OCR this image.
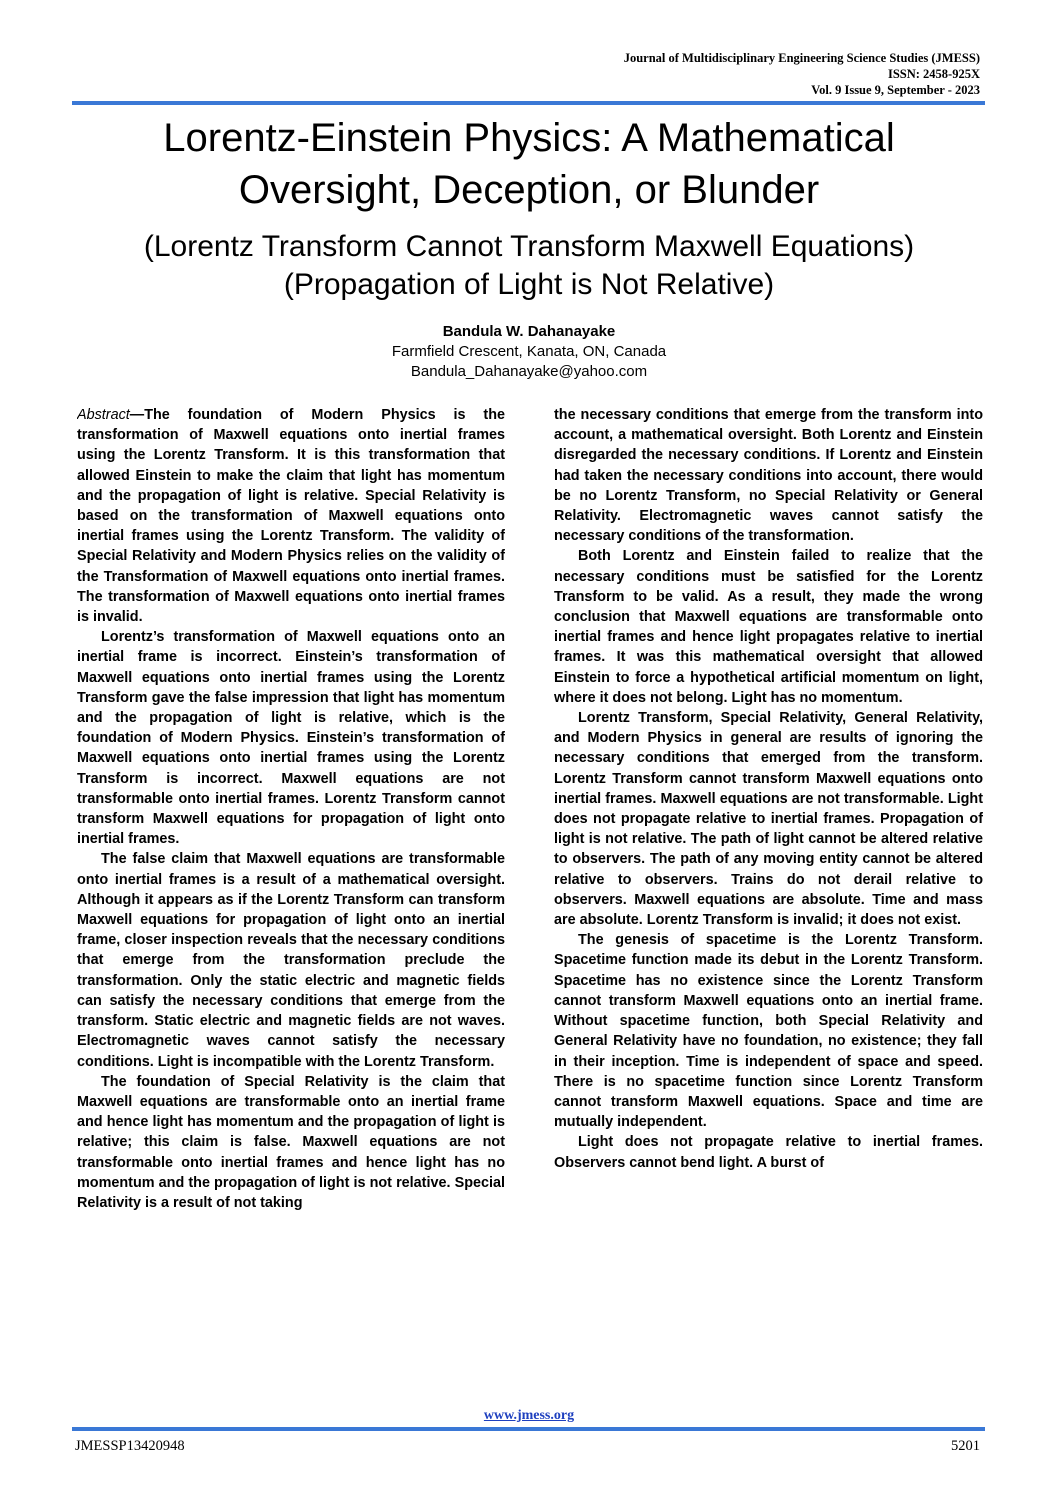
Journal of Multidisciplinary Engineering Science Studies (JMESS)
ISSN: 2458-925X
Vol. 9 Issue 9, September - 2023
Lorentz-Einstein Physics: A Mathematical
Oversight, Deception, or Blunder
(Lorentz Transform Cannot Transform Maxwell Equations)
(Propagation of Light is Not Relative)
Bandula W. Dahanayake
Farmfield Crescent, Kanata, ON, Canada
Bandula_Dahanayake@yahoo.com

Abstract—The foundation of Modern Physics is the transformation of Maxwell equations onto inertial frames using the Lorentz Transform. It is this transformation that allowed Einstein to make the claim that light has momentum and the propagation of light is relative. Special Relativity is based on the transformation of Maxwell equations onto inertial frames using the Lorentz Transform. The validity of Special Relativity and Modern Physics relies on the validity of the Transformation of Maxwell equations onto inertial frames. The transformation of Maxwell equations onto inertial frames is invalid.

Lorentz’s transformation of Maxwell equations onto an inertial frame is incorrect. Einstein’s transformation of Maxwell equations onto inertial frames using the Lorentz Transform gave the false impression that light has momentum and the propagation of light is relative, which is the foundation of Modern Physics. Einstein’s transformation of Maxwell equations onto inertial frames using the Lorentz Transform is incorrect. Maxwell equations are not transformable onto inertial frames. Lorentz Transform cannot transform Maxwell equations for propagation of light onto inertial frames.

The false claim that Maxwell equations are transformable onto inertial frames is a result of a mathematical oversight. Although it appears as if the Lorentz Transform can transform Maxwell equations for propagation of light onto an inertial frame, closer inspection reveals that the necessary conditions that emerge from the transformation preclude the transformation. Only the static electric and magnetic fields can satisfy the necessary conditions that emerge from the transform. Static electric and magnetic fields are not waves. Electromagnetic waves cannot satisfy the necessary conditions. Light is incompatible with the Lorentz Transform.

The foundation of Special Relativity is the claim that Maxwell equations are transformable onto an inertial frame and hence light has momentum and the propagation of light is relative; this claim is false. Maxwell equations are not transformable onto inertial frames and hence light has no momentum and the propagation of light is not relative. Special Relativity is a result of not taking

the necessary conditions that emerge from the transform into account, a mathematical oversight. Both Lorentz and Einstein disregarded the necessary conditions. If Lorentz and Einstein had taken the necessary conditions into account, there would be no Lorentz Transform, no Special Relativity or General Relativity. Electromagnetic waves cannot satisfy the necessary conditions of the transformation.

Both Lorentz and Einstein failed to realize that the necessary conditions must be satisfied for the Lorentz Transform to be valid. As a result, they made the wrong conclusion that Maxwell equations are transformable onto inertial frames and hence light propagates relative to inertial frames. It was this mathematical oversight that allowed Einstein to force a hypothetical artificial momentum on light, where it does not belong. Light has no momentum.

Lorentz Transform, Special Relativity, General Relativity, and Modern Physics in general are results of ignoring the necessary conditions that emerged from the transform. Lorentz Transform cannot transform Maxwell equations onto inertial frames. Maxwell equations are not transformable. Light does not propagate relative to inertial frames. Propagation of light is not relative. The path of light cannot be altered relative to observers. The path of any moving entity cannot be altered relative to observers. Trains do not derail relative to observers. Maxwell equations are absolute. Time and mass are absolute. Lorentz Transform is invalid; it does not exist.

The genesis of spacetime is the Lorentz Transform. Spacetime function made its debut in the Lorentz Transform. Spacetime has no existence since the Lorentz Transform cannot transform Maxwell equations onto an inertial frame. Without spacetime function, both Special Relativity and General Relativity have no foundation, no existence; they fall in their inception. Time is independent of space and speed. There is no spacetime function since Lorentz Transform cannot transform Maxwell equations. Space and time are mutually independent.

Light does not propagate relative to inertial frames. Observers cannot bend light. A burst of

www.jmess.org
JMESSP13420948	5201
